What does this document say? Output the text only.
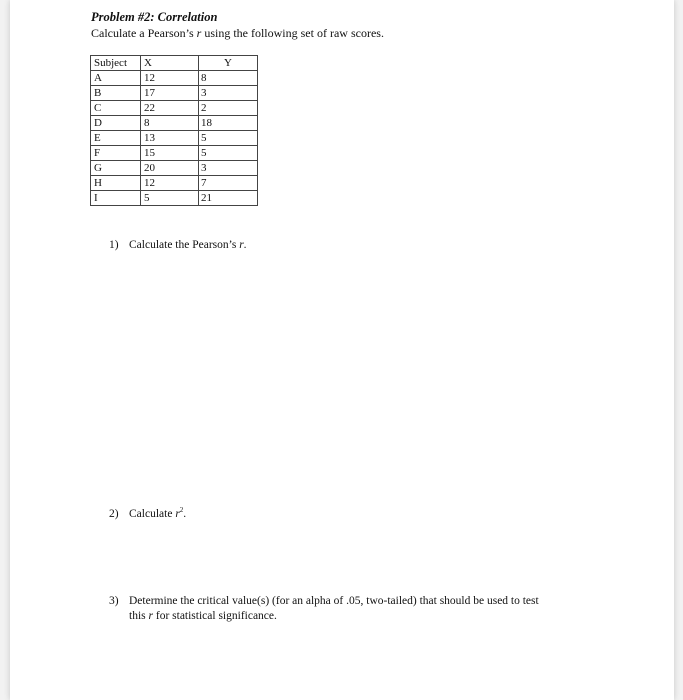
Problem #2: Correlation
Calculate a Pearson’s r using the following set of raw scores.
Subject	X	Y
A	12	8
B	17	3
C	22	2
D	8	18
E	13	5
F	15	5
G	20	3
H	12	7
I	5	21
1) Calculate the Pearson’s r.
2) Calculate $r^2$.
3) Determine the critical value(s) (for an alpha of .05, two-tailed) that should be used to test
this r for statistical significance.
